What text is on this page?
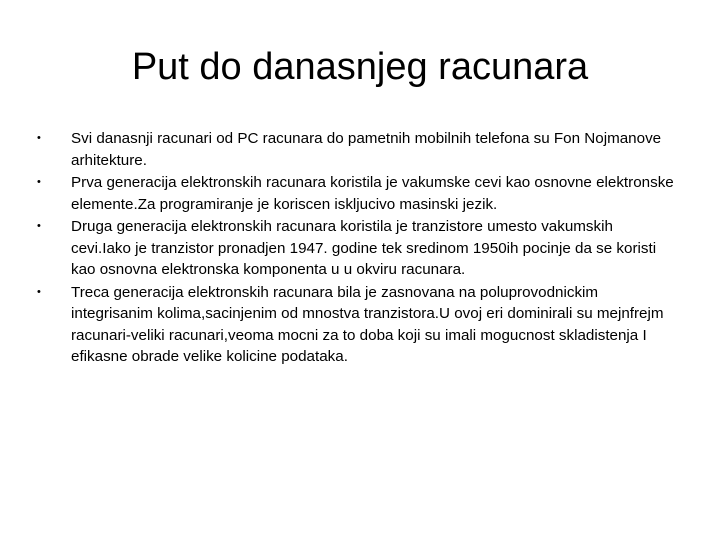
Put do danasnjeg racunara
•	Svi danasnji racunari od PC racunara do pametnih mobilnih telefona su Fon Nojmanove arhitekture.
•	Prva generacija elektronskih racunara koristila je vakumske cevi kao osnovne elektronske elemente.Za programiranje je koriscen iskljucivo masinski jezik.
•	Druga generacija elektronskih racunara koristila je tranzistore umesto vakumskih cevi.Iako je tranzistor pronadjen 1947. godine tek sredinom 1950ih pocinje da se koristi kao osnovna elektronska komponenta u u okviru racunara.
•	Treca generacija elektronskih racunara bila je zasnovana na poluprovodnickim integrisanim kolima,sacinjenim od mnostva tranzistora.U ovoj eri dominirali su mejnfrejm racunari-veliki racunari,veoma mocni za to doba koji su imali mogucnost skladistenja I efikasne obrade velike kolicine podataka.
